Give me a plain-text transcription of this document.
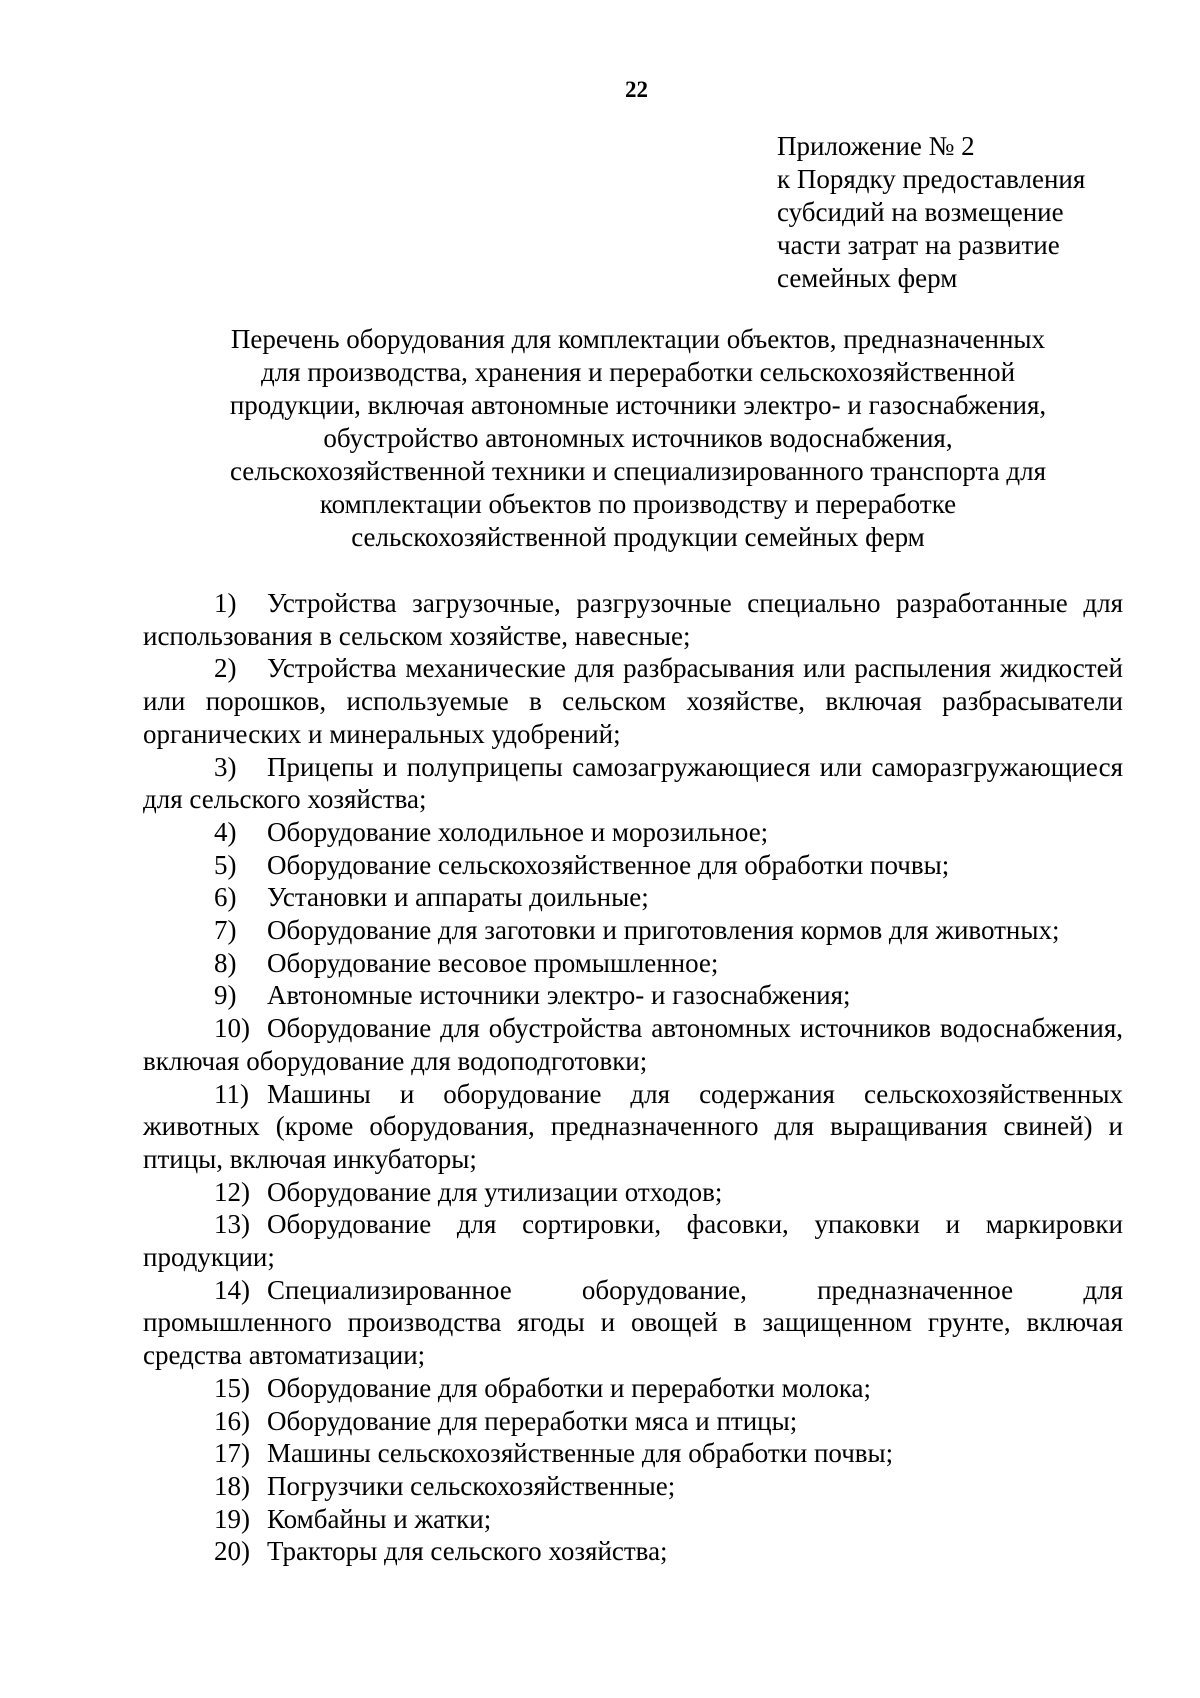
22
Приложение № 2
к Порядку предоставления
субсидий на возмещение
части затрат на развитие
семейных ферм
Перечень оборудования для комплектации объектов, предназначенных
для производства, хранения и переработки сельскохозяйственной
продукции, включая автономные источники электро- и газоснабжения,
обустройство автономных источников водоснабжения,
сельскохозяйственной техники и специализированного транспорта для
комплектации объектов по производству и переработке
сельскохозяйственной продукции семейных ферм

1) Устройства загрузочные, разгрузочные специально разработанные для использования в сельском хозяйстве, навесные;

2) Устройства механические для разбрасывания или распыления жидкостей или порошков, используемые в сельском хозяйстве, включая разбрасыватели органических и минеральных удобрений;

3) Прицепы и полуприцепы самозагружающиеся или саморазгружающиеся для сельского хозяйства;

4) Оборудование холодильное и морозильное;

5) Оборудование сельскохозяйственное для обработки почвы;

6) Установки и аппараты доильные;

7) Оборудование для заготовки и приготовления кормов для животных;

8) Оборудование весовое промышленное;

9) Автономные источники электро- и газоснабжения;

10) Оборудование для обустройства автономных источников водоснабжения, включая оборудование для водоподготовки;

11) Машины и оборудование для содержания сельскохозяйственных животных (кроме оборудования, предназначенного для выращивания свиней) и птицы, включая инкубаторы;

12) Оборудование для утилизации отходов;

13) Оборудование для сортировки, фасовки, упаковки и маркировки продукции;

14) Специализированное оборудование, предназначенное для промышленного производства ягоды и овощей в защищенном грунте, включая средства автоматизации;

15) Оборудование для обработки и переработки молока;

16) Оборудование для переработки мяса и птицы;

17) Машины сельскохозяйственные для обработки почвы;

18) Погрузчики сельскохозяйственные;

19) Комбайны и жатки;

20) Тракторы для сельского хозяйства;
